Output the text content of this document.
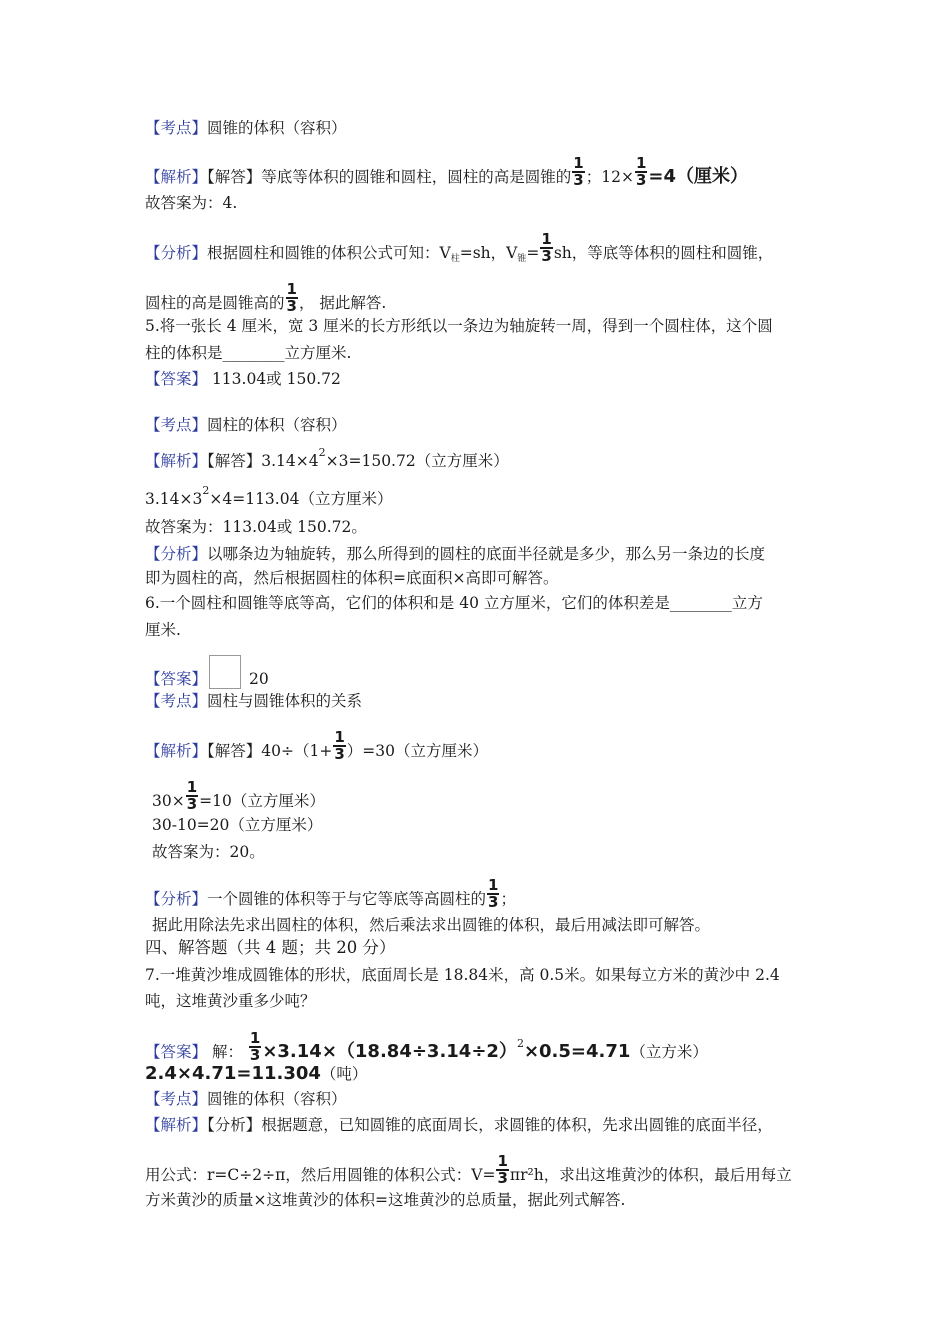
【考点】圆锥的体积（容积）
【解析】【解答】等底等体积的圆锥和圆柱，圆柱的高是圆锥的 $\frac{1}{3}$ ；$12\times \frac{1}{3} =4$（厘米）
故答案为：4.
【分析】根据圆柱和圆锥的体积公式可知：$V_柱=sh$，$V_锥= \frac{1}{3}$ sh，等底等体积的圆柱和圆锥，
圆柱的高是圆锥高的 $\frac{1}{3}$ ， 据此解答.
5.将一张长 4 厘米，宽 3 厘米的长方形纸以一条边为轴旋转一周，得到一个圆柱体，这个圆
柱的体积是________立方厘米.
【答案】 113.04或 150.72
【考点】圆柱的体积（容积）
【解析】【解答】$3.14\times 4^2\times 3=150.72$（立方厘米）
$3.14\times 3^2\times 4=113.04$（立方厘米）
故答案为：113.04或 150.72。
【分析】以哪条边为轴旋转，那么所得到的圆柱的底面半径就是多少，那么另一条边的长度
即为圆柱的高，然后根据圆柱的体积=底面积×高即可解答。
6.一个圆柱和圆锥等底等高，它们的体积和是 40 立方厘米，它们的体积差是________立方
厘米.
【答案】	20
【考点】圆柱与圆锥体积的关系
【解析】【解答】$40\div(1+ \frac{1}{3} )=30$（立方厘米）
$30\times \frac{1}{3} =10$（立方厘米）
30-10=20（立方厘米）
故答案为：20。
【分析】一个圆锥的体积等于与它等底等高圆柱的 $\frac{1}{3}$ ；
据此用除法先求出圆柱的体积，然后乘法求出圆锥的体积，最后用减法即可解答。
四、解答题（共 4 题；共 20 分）
7.一堆黄沙堆成圆锥体的形状，底面周长是 18.84米，高 0.5米。如果每立方米的黄沙中 2.4
吨，这堆黄沙重多少吨？
【答案】 解： $\frac{1}{3} \times 3.14\times(18.84\div 3.14\div 2)^2\times 0.5=4.71$（立方米）
2.4×4.71=11.304（吨）
【考点】圆锥的体积（容积）
【解析】【分析】根据题意，已知圆锥的底面周长，求圆锥的体积，先求出圆锥的底面半径，
用公式：r=C÷2÷π，然后用圆锥的体积公式：$V= \frac{1}{3} \pi r^2h$，求出这堆黄沙的体积，最后用每立
方米黄沙的质量×这堆黄沙的体积=这堆黄沙的总质量，据此列式解答.
